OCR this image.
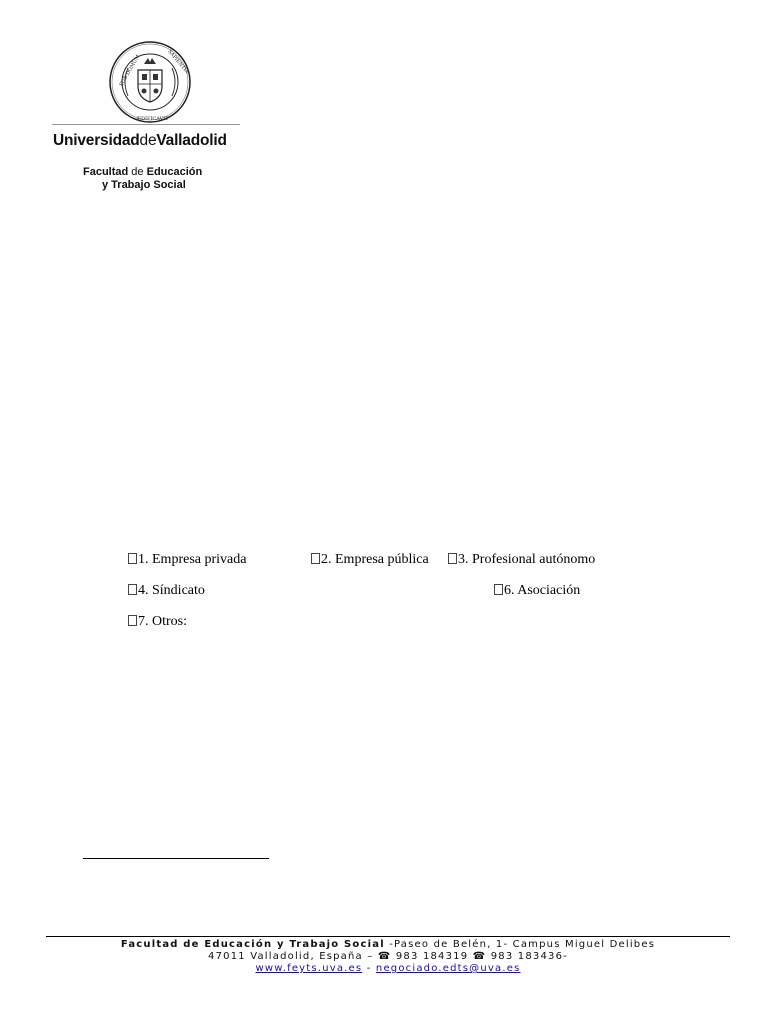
SUB DOMUM	SAPIENTIA
ÆDIFICAVIT
UniversidaddeValladolid
Facultad de Educación
y Trabajo Social
1. Empresa privada	2. Empresa pública	3. Profesional autónomo
4. Síndicato	6. Asociación
7. Otros:
Facultad de Educación y Trabajo Social -Paseo de Belén, 1- Campus Miguel Delibes
47011 Valladolid, España – ☎ 983 184319 ☎ 983 183436-
www.feyts.uva.es - negociado.edts@uva.es
